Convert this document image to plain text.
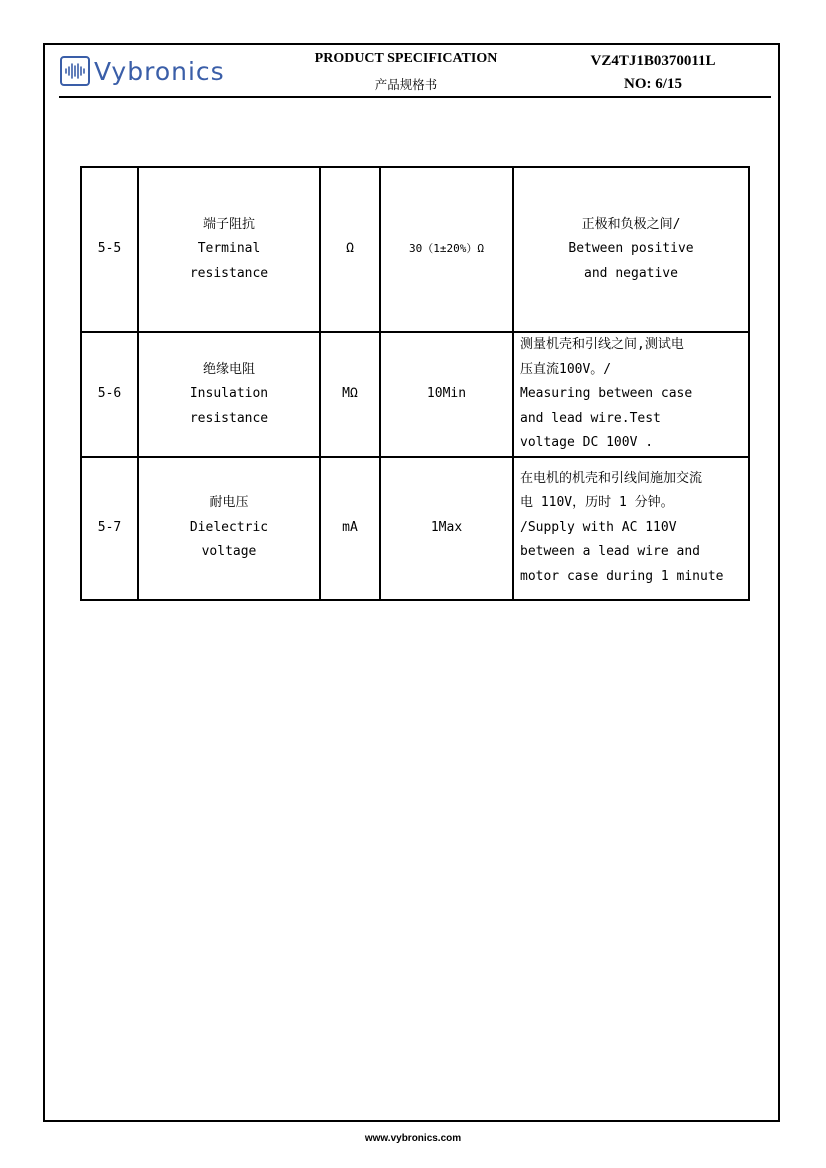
Vybronics	PRODUCT SPECIFICATION
产品规格书
VZ4TJ1B0370011L
NO: 6/15
5-5	端子阻抗
Terminal
resistance	Ω	30（1±20%）Ω	正极和负极之间/
Between positive
and negative

5-6	绝缘电阻
Insulation
resistance	MΩ	10Min	测量机壳和引线之间,测试电
压直流100V。/
Measuring between case
and lead wire.Test
voltage DC 100V .

5-7	耐电压
Dielectric
voltage	mA	1Max	在电机的机壳和引线间施加交流
电 110V，历时 1 分钟。
/Supply with AC 110V
between a lead wire and
motor case during 1 minute
www.vybronics.com
